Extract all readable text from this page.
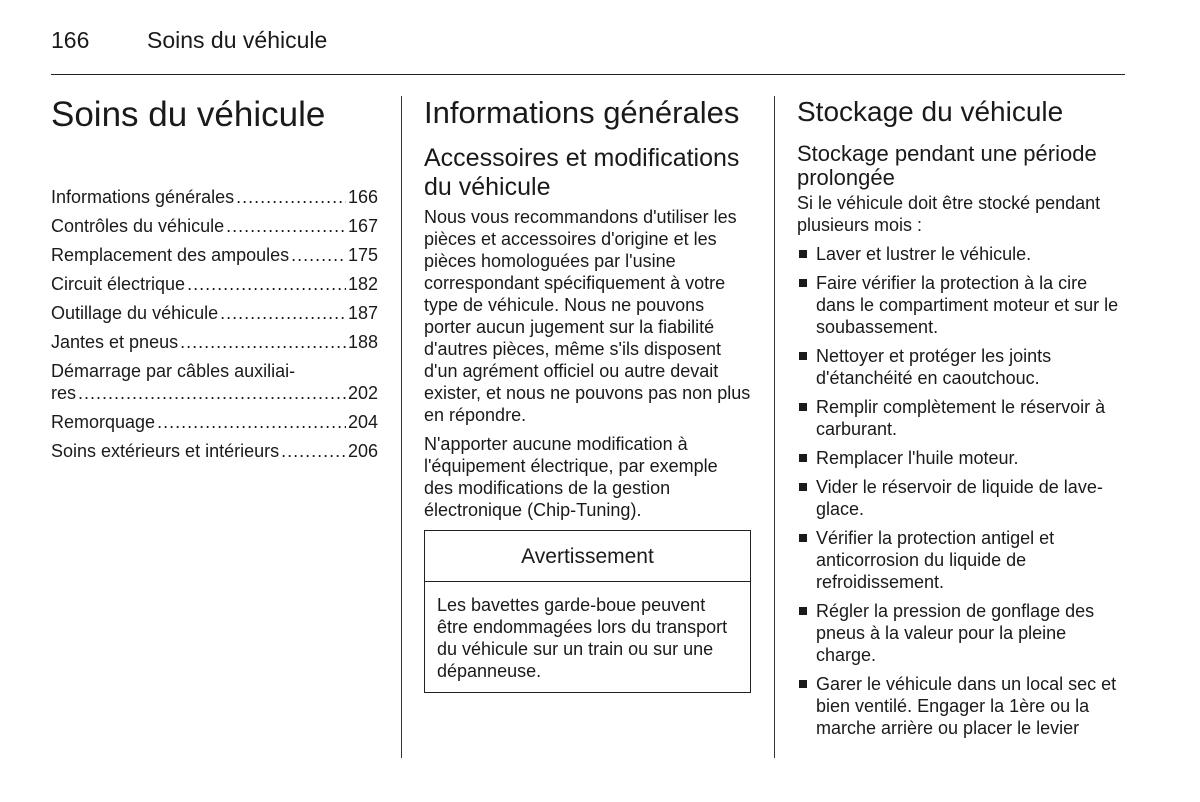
166	Soins du véhicule
Soins du véhicule
Informations générales .....	166
Contrôles du véhicule .....	167
Remplacement des ampoules .....	175
Circuit électrique .....	182
Outillage du véhicule .....	187
Jantes et pneus .....	188
Démarrage par câbles auxiliai-
res .....	202
Remorquage .....	204
Soins extérieurs et intérieurs .....	206
Informations générales
Accessoires et modifications du véhicule

Nous vous recommandons d'utiliser les pièces et accessoires d'origine et les pièces homologuées par l'usine correspondant spécifiquement à votre type de véhicule. Nous ne pouvons porter aucun jugement sur la fiabilité d'autres pièces, même s'ils disposent d'un agrément officiel ou autre devait exister, et nous ne pouvons pas non plus en répondre.

N'apporter aucune modification à l'équipement électrique, par exemple des modifications de la gestion électronique (Chip-Tuning).

Avertissement
Les bavettes garde-boue peuvent être endommagées lors du transport du véhicule sur un train ou sur une dépanneuse.
Stockage du véhicule
Stockage pendant une période prolongée

Si le véhicule doit être stocké pendant plusieurs mois :

Laver et lustrer le véhicule.
Faire vérifier la protection à la cire dans le compartiment moteur et sur le soubassement.
Nettoyer et protéger les joints d'étanchéité en caoutchouc.
Remplir complètement le réservoir à carburant.
Remplacer l'huile moteur.
Vider le réservoir de liquide de lave-glace.
Vérifier la protection antigel et anticorrosion du liquide de refroidissement.
Régler la pression de gonflage des pneus à la valeur pour la pleine charge.
Garer le véhicule dans un local sec et bien ventilé. Engager la 1ère ou la marche arrière ou placer le levier
